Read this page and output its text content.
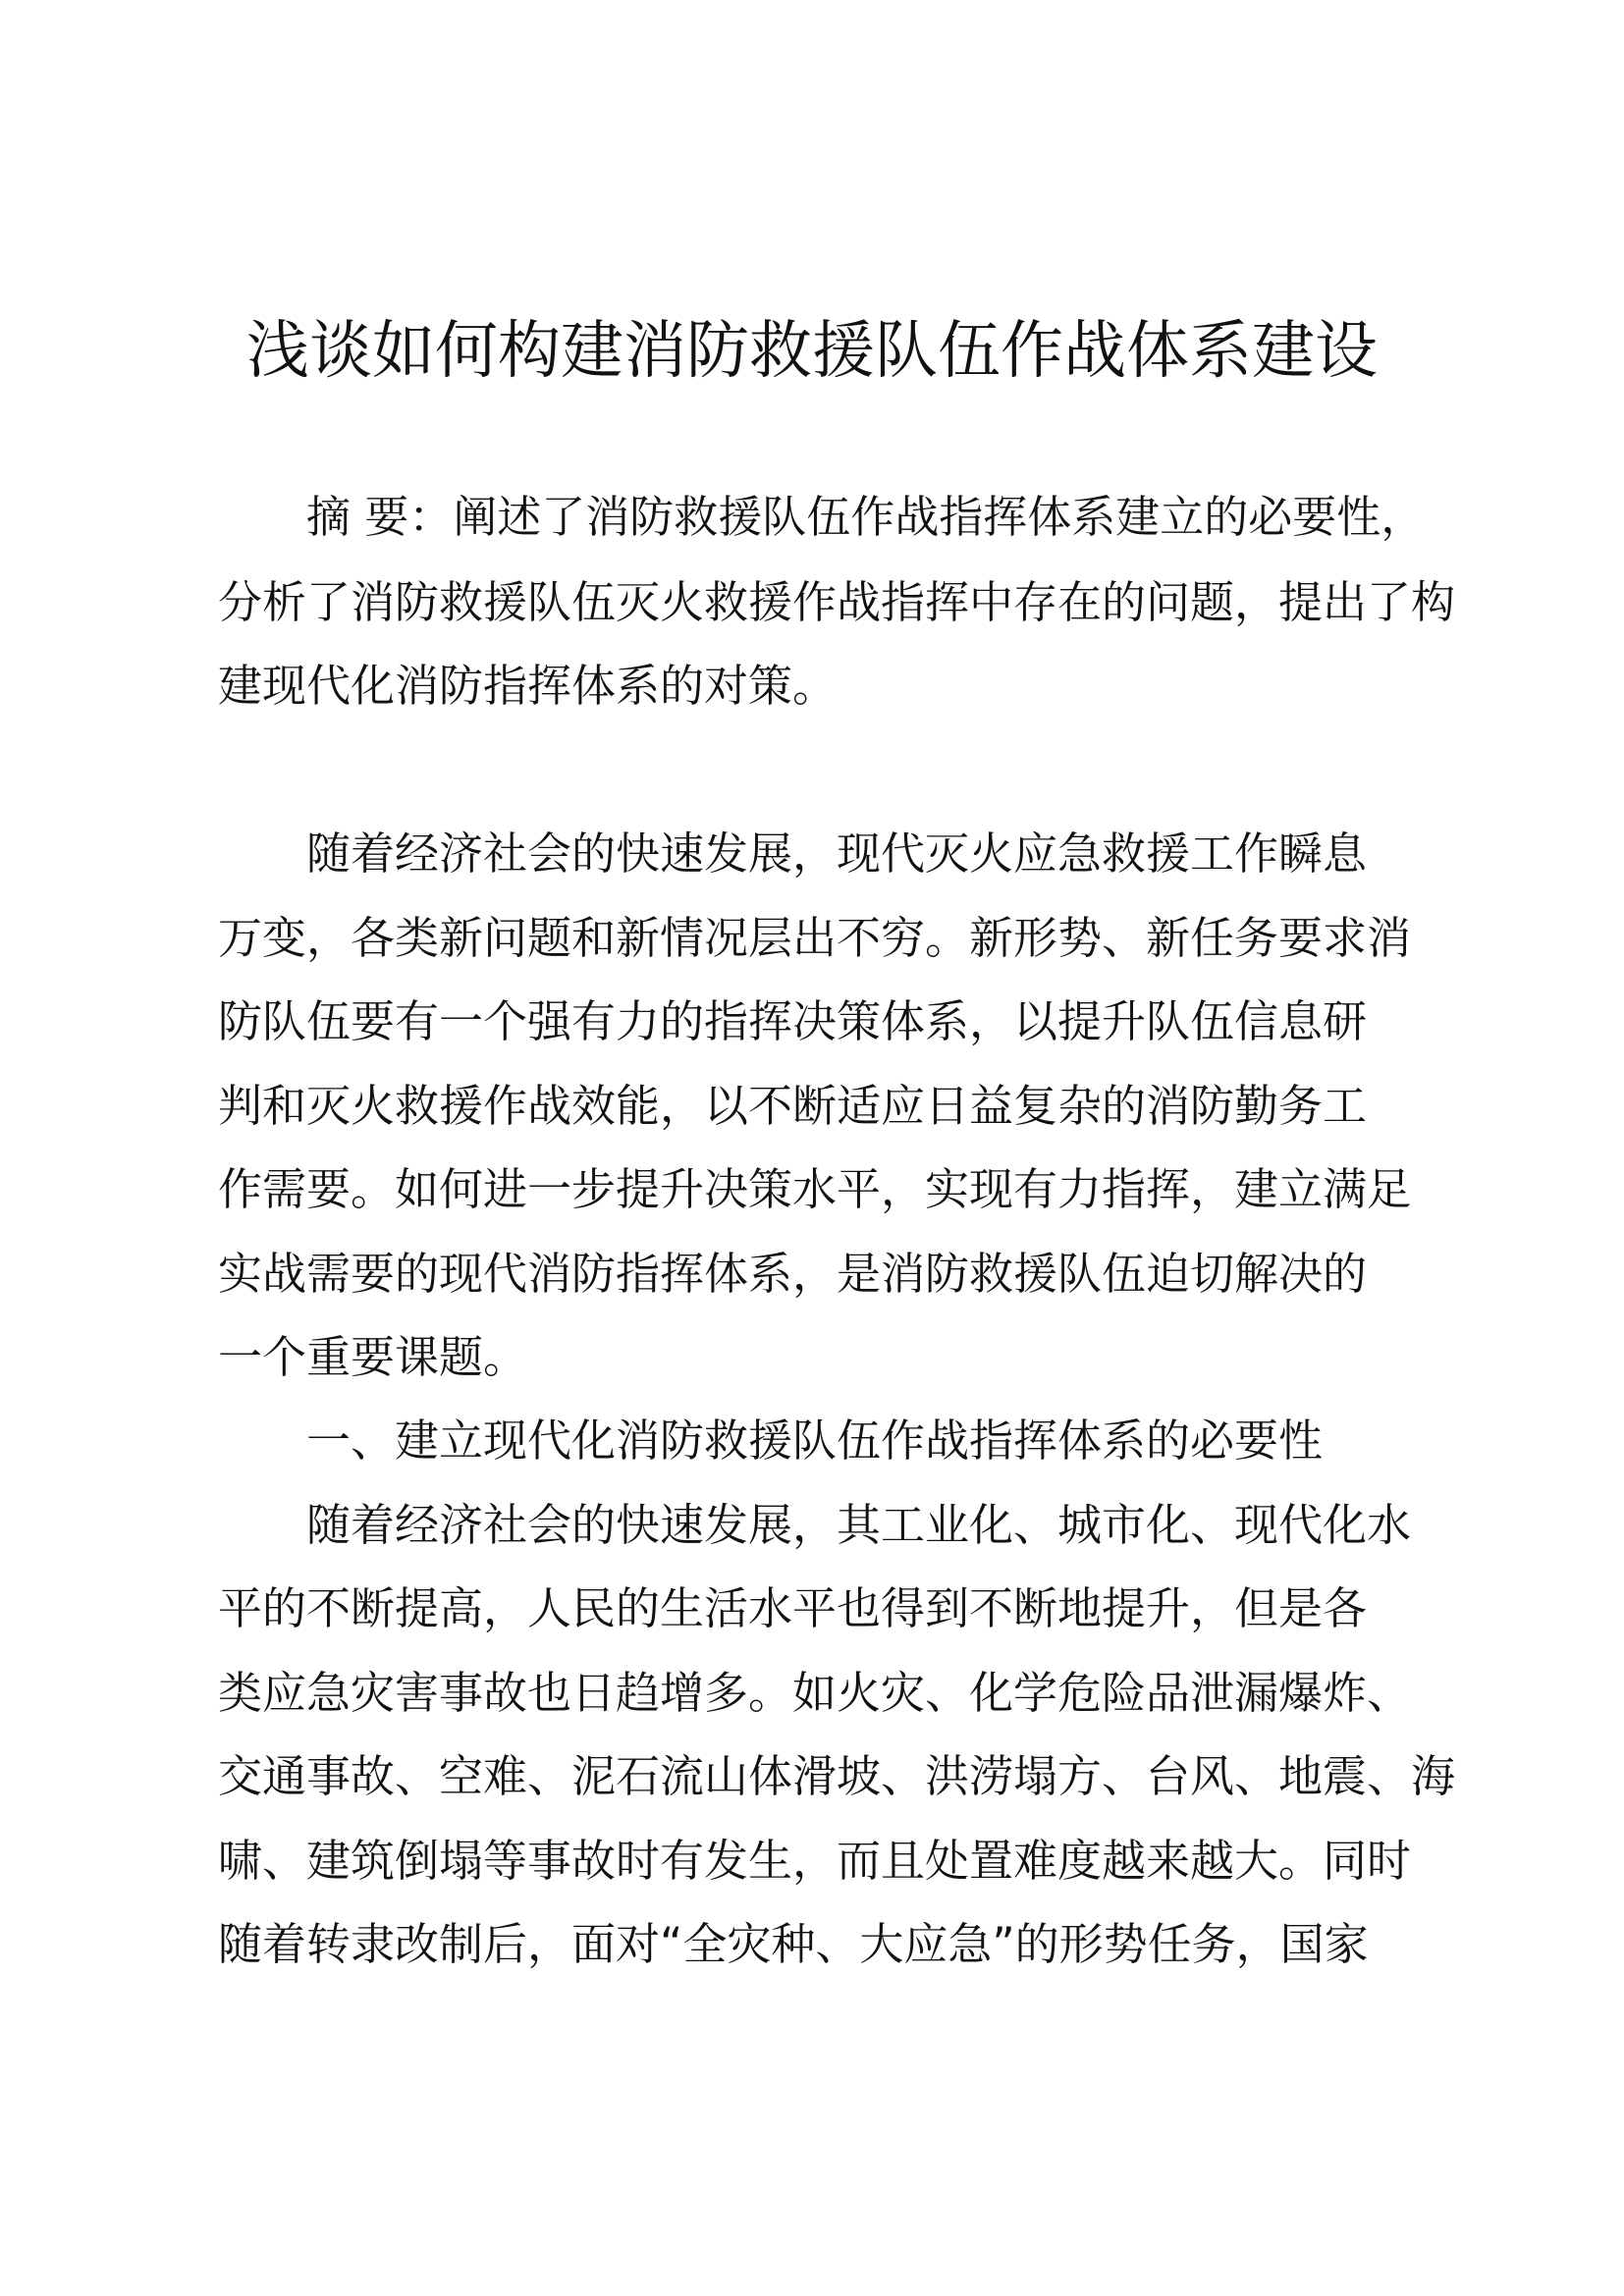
浅谈如何构建消防救援队伍作战体系建设

摘 要：阐述了消防救援队伍作战指挥体系建立的必要性，

分析了消防救援队伍灭火救援作战指挥中存在的问题，提出了构

建现代化消防指挥体系的对策。

随着经济社会的快速发展，现代灭火应急救援工作瞬息

万变，各类新问题和新情况层出不穷。新形势、新任务要求消

防队伍要有一个强有力的指挥决策体系，以提升队伍信息研

判和灭火救援作战效能，以不断适应日益复杂的消防勤务工

作需要。如何进一步提升决策水平，实现有力指挥，建立满足

实战需要的现代消防指挥体系，是消防救援队伍迫切解决的

一个重要课题。

一、建立现代化消防救援队伍作战指挥体系的必要性

随着经济社会的快速发展，其工业化、城市化、现代化水

平的不断提高，人民的生活水平也得到不断地提升，但是各

类应急灾害事故也日趋增多。如火灾、化学危险品泄漏爆炸、

交通事故、空难、泥石流山体滑坡、洪涝塌方、台风、地震、海

啸、建筑倒塌等事故时有发生，而且处置难度越来越大。同时

随着转隶改制后，面对“全灾种、大应急”的形势任务，国家
